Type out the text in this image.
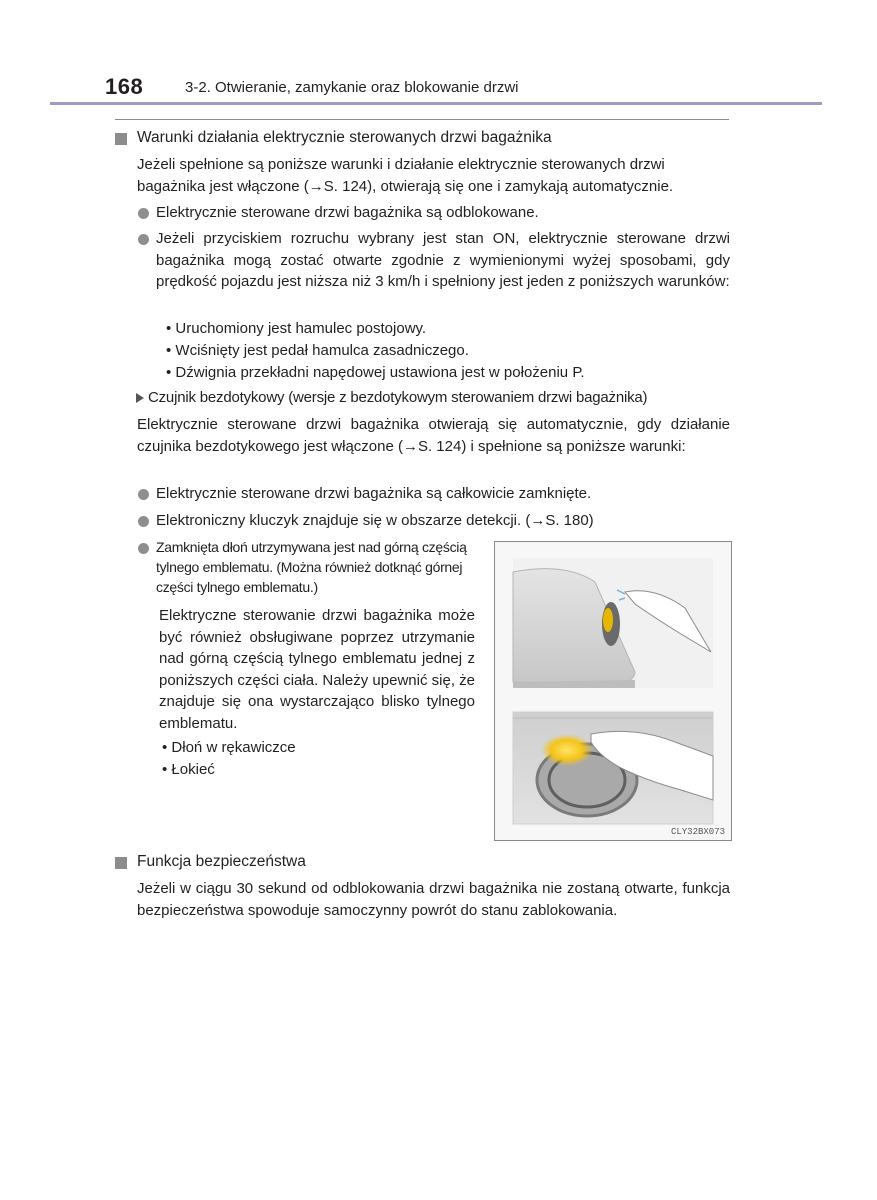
168	3-2. Otwieranie, zamykanie oraz blokowanie drzwi
Warunki działania elektrycznie sterowanych drzwi bagażnika
Jeżeli spełnione są poniższe warunki i działanie elektrycznie sterowanych drzwi
bagażnika jest włączone (→S. 124), otwierają się one i zamykają automatycznie.
Elektrycznie sterowane drzwi bagażnika są odblokowane.
Jeżeli przyciskiem rozruchu wybrany jest stan ON, elektrycznie sterowane drzwi bagażnika mogą zostać otwarte zgodnie z wymienionymi wyżej sposobami, gdy prędkość pojazdu jest niższa niż 3 km/h i spełniony jest jeden z poniższych warunków:
• Uruchomiony jest hamulec postojowy.
• Wciśnięty jest pedał hamulca zasadniczego.
• Dźwignia przekładni napędowej ustawiona jest w położeniu P.
Czujnik bezdotykowy (wersje z bezdotykowym sterowaniem drzwi bagażnika)
Elektrycznie sterowane drzwi bagażnika otwierają się automatycznie, gdy działanie czujnika bezdotykowego jest włączone (→S. 124) i spełnione są poniższe warunki:
Elektrycznie sterowane drzwi bagażnika są całkowicie zamknięte.
Elektroniczny kluczyk znajduje się w obszarze detekcji. (→S. 180)
Zamknięta dłoń utrzymywana jest nad górną częścią tylnego emblematu. (Można również dotknąć górnej części tylnego emblematu.)
Elektryczne sterowanie drzwi bagażnika może być również obsługiwane poprzez utrzymanie nad górną częścią tylnego emblematu jednej z poniższych części ciała. Należy upewnić się, że znajduje się ona wystarczająco blisko tylnego emblematu.
• Dłoń w rękawiczce
• Łokieć
CLY32BX073
Funkcja bezpieczeństwa
Jeżeli w ciągu 30 sekund od odblokowania drzwi bagażnika nie zostaną otwarte, funkcja bezpieczeństwa spowoduje samoczynny powrót do stanu zablokowania.
